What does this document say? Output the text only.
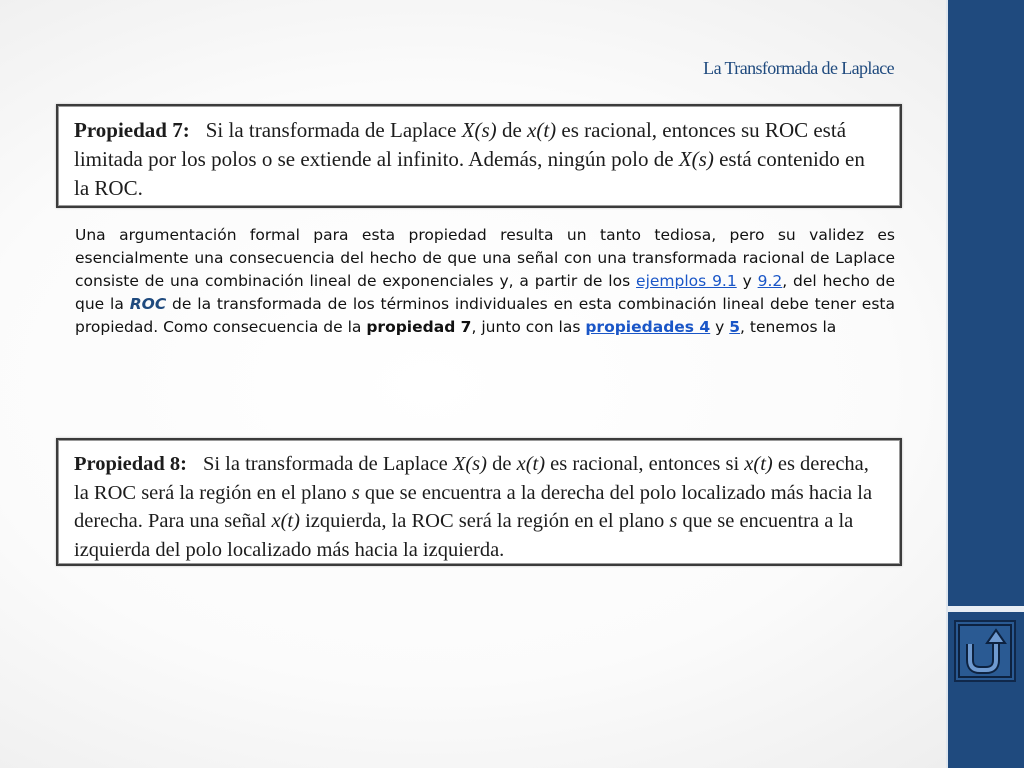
La Transformada de Laplace
Propiedad 7: Si la transformada de Laplace X(s) de x(t) es racional, entonces su ROC está limitada por los polos o se extiende al infinito. Además, ningún polo de X(s) está contenido en la ROC.
Una argumentación formal para esta propiedad resulta un tanto tediosa, pero su validez es esencialmente una consecuencia del hecho de que una señal con una transformada racional de Laplace consiste de una combinación lineal de exponenciales y, a partir de los ejemplos 9.1 y 9.2, del hecho de que la ROC de la transformada de los términos individuales en esta combinación lineal debe tener esta propiedad. Como consecuencia de la propiedad 7, junto con las propiedades 4 y 5, tenemos la
Propiedad 8: Si la transformada de Laplace X(s) de x(t) es racional, entonces si x(t) es derecha, la ROC será la región en el plano s que se encuentra a la derecha del polo localizado más hacia la derecha. Para una señal x(t) izquierda, la ROC será la región en el plano s que se encuentra a la izquierda del polo localizado más hacia la izquierda.
